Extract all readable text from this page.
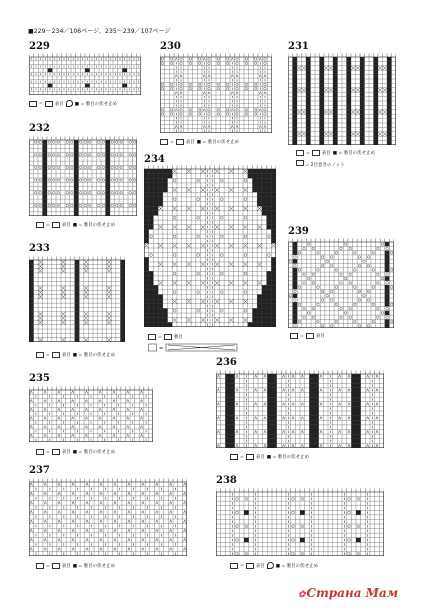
■229～234／106ページ、235～239／107ページ
229
=	表目 ■ = 裏目の伏せ止め
230
=	表目 ■ = 裏目の伏せ止め
231
=	表目 ■ = 裏目の伏せ止め
= 2目巻きのノット
232
=	表目 ■ = 裏目の伏せ止め
234
=	裏目
=
239
=	表目
233
=	表目 ■ = 裏目の伏せ止め
235
=	表目 ■ = 裏目の伏せ止め
236
=	表目 ■ = 裏目の伏せ止め
237
=	表目 ■ = 裏目の伏せ止め
238
=	表目 ■ = 裏目の伏せ止め
✿Страна Мам
